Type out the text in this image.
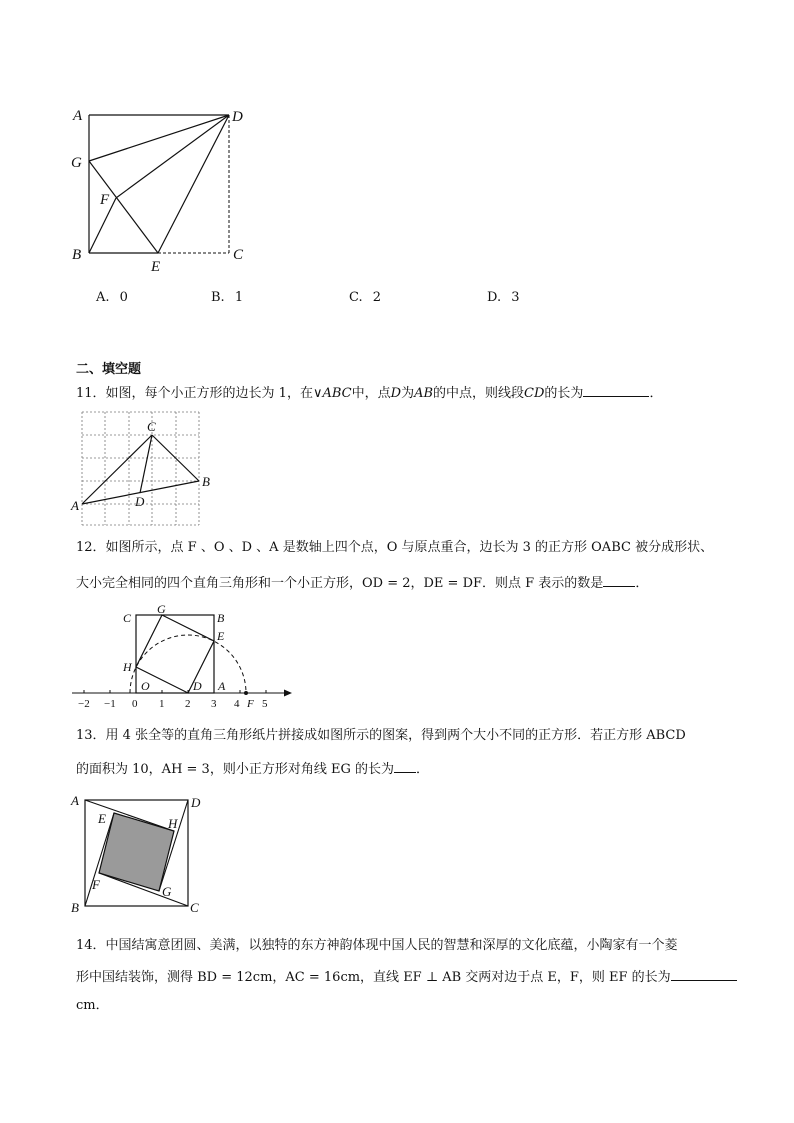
A	D
G
F
B
E
C
A. 0	B. 1	C. 2	D. 3
二、填空题
11．如图，每个小正方形的边长为 1，在∨ABC中，点D为AB的中点，则线段CD的长为	．
C
B
D
A
12．如图所示，点 F 、O 、D 、A 是数轴上四个点，O 与原点重合，边长为 3 的正方形 OABC 被分成形状、
大小完全相同的四个直角三角形和一个小正方形，OD = 2，DE = DF．则点 F 表示的数是 ．
−2 −1 0 1 2 3 4 5
C
G
B
E
H
O	D A
F
13．用 4 张全等的直角三角形纸片拼接成如图所示的图案，得到两个大小不同的正方形．若正方形 ABCD
的面积为 10，AH = 3，则小正方形对角线 EG 的长为 ．
A	D
E	H
F	G
B	C
14．中国结寓意团圆、美满，以独特的东方神韵体现中国人民的智慧和深厚的文化底蕴，小陶家有一个菱
形中国结装饰，测得 BD = 12cm，AC = 16cm，直线 EF ⊥ AB 交两对边于点 E，F，则 EF 的长为
cm．
